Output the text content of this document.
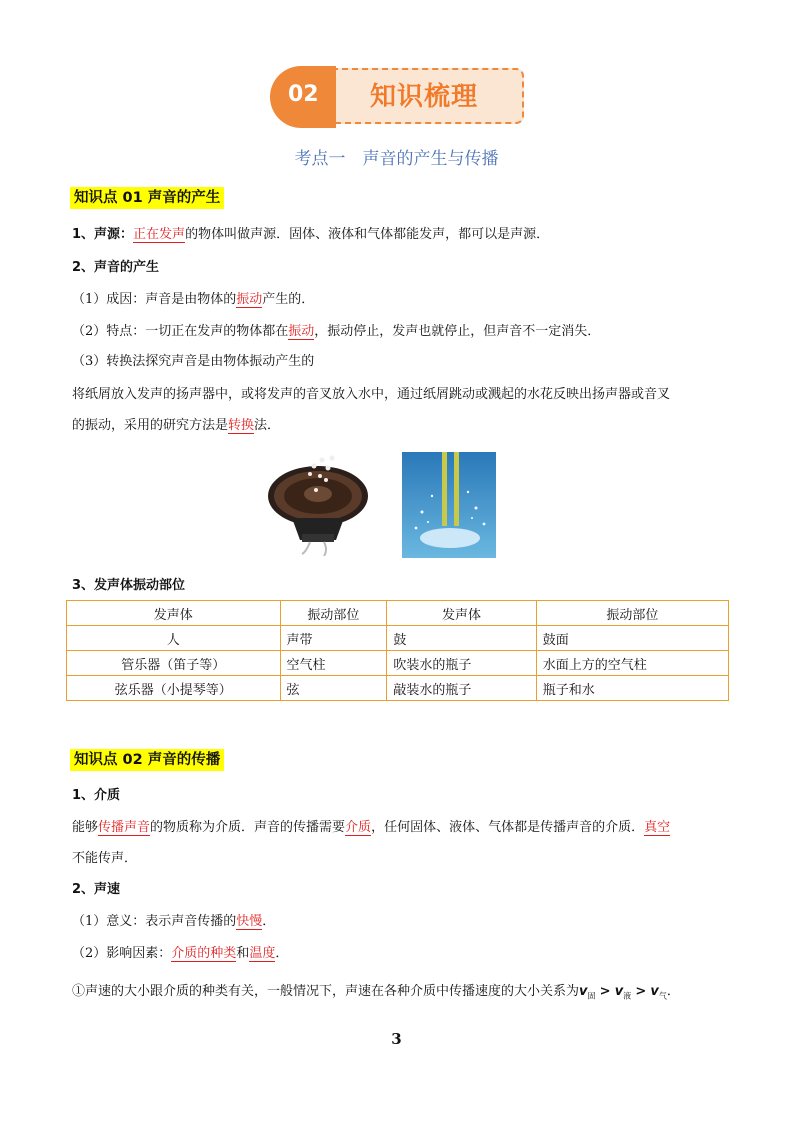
02	知识梳理
考点一　声音的产生与传播
知识点 01 声音的产生
1、声源：正在发声的物体叫做声源．固体、液体和气体都能发声，都可以是声源．
2、声音的产生
（1）成因：声音是由物体的振动产生的．
（2）特点：一切正在发声的物体都在振动，振动停止，发声也就停止，但声音不一定消失．
（3）转换法探究声音是由物体振动产生的
将纸屑放入发声的扬声器中，或将发声的音叉放入水中，通过纸屑跳动或溅起的水花反映出扬声器或音叉
的振动，采用的研究方法是转换法．
3、发声体振动部位
发声体	振动部位	发声体	振动部位
人	声带	鼓	鼓面
管乐器（笛子等）	空气柱	吹装水的瓶子	水面上方的空气柱
弦乐器（小提琴等）	弦	敲装水的瓶子	瓶子和水
知识点 02 声音的传播
1、介质
能够传播声音的物质称为介质．声音的传播需要介质，任何固体、液体、气体都是传播声音的介质．真空
不能传声．
2、声速
（1）意义：表示声音传播的快慢．
（2）影响因素：介质的种类和温度．
①声速的大小跟介质的种类有关，一般情况下，声速在各种介质中传播速度的大小关系为$v_固 > v_液 > v_气$．
3
